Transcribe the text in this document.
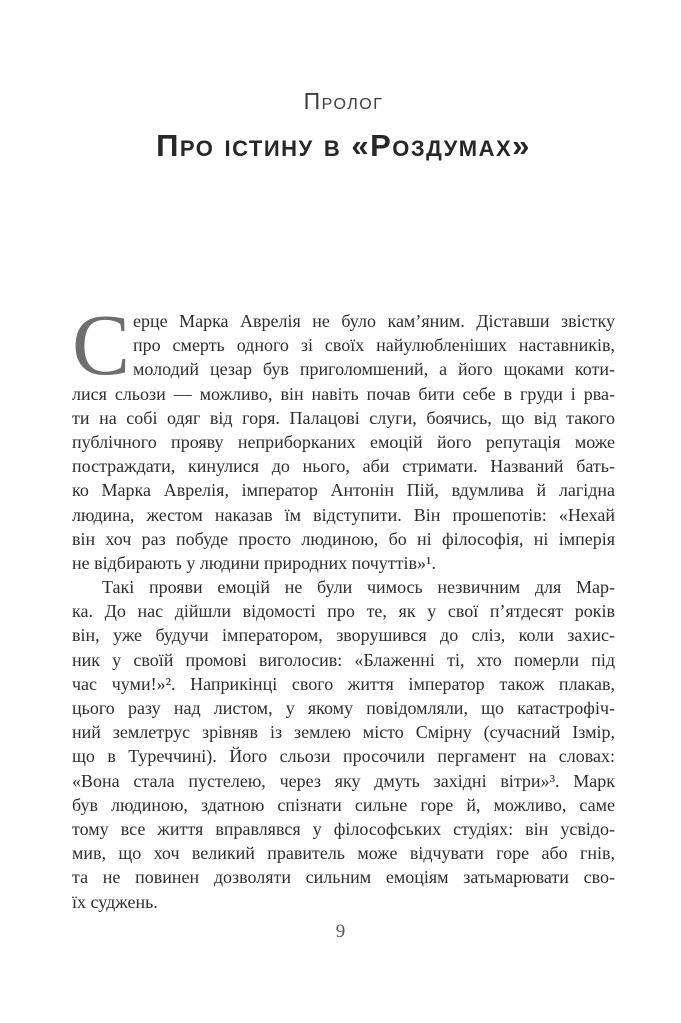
Пролог
Про істину в «Роздумах»
С ерце Марка Аврелія не було кам’яним. Діставши звістку
про смерть одного зі своїх найулюбленіших наставників,
молодий цезар був приголомшений, а його щоками коти-
лися сльози — можливо, він навіть почав бити себе в груди і рва-
ти на собі одяг від горя. Палацові слуги, боячись, що від такого
публічного прояву неприборканих емоцій його репутація може
постраждати, кинулися до нього, аби стримати. Названий бать-
ко Марка Аврелія, імператор Антонін Пій, вдумлива й лагідна
людина, жестом наказав їм відступити. Він прошепотів: «Нехай
він хоч раз побуде просто людиною, бо ні філософія, ні імперія
не відбирають у людини природних почуттів»¹.
Такі прояви емоцій не були чимось незвичним для Мар-
ка. До нас дійшли відомості про те, як у свої п’ятдесят років
він, уже будучи імператором, зворушився до сліз, коли захис-
ник у своїй промові виголосив: «Блаженні ті, хто померли під
час чуми!»². Наприкінці свого життя імператор також плакав,
цього разу над листом, у якому повідомляли, що катастрофіч-
ний землетрус зрівняв із землею місто Смірну (сучасний Ізмір,
що в Туреччині). Його сльози просочили пергамент на словах:
«Вона стала пустелею, через яку дмуть західні вітри»³. Марк
був людиною, здатною спізнати сильне горе й, можливо, саме
тому все життя вправлявся у філософських студіях: він усвідо-
мив, що хоч великий правитель може відчувати горе або гнів,
та не повинен дозволяти сильним емоціям затьмарювати сво-
їх суджень.
9
